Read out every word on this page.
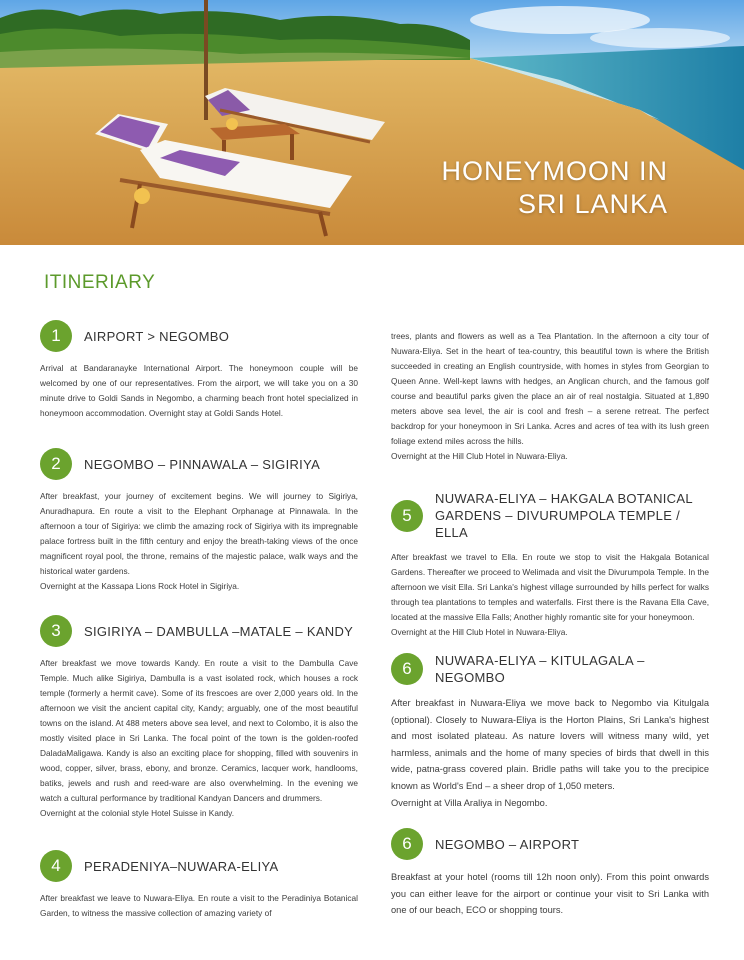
HONEYMOON IN
SRI LANKA
ITINERIARY
1	AIRPORT > NEGOMBO

Arrival at Bandaranayke International Airport. The honeymoon couple will be welcomed by one of our representatives. From the airport, we will take you on a 30 minute drive to Goldi Sands in Negombo, a charming beach front hotel specialized in honeymoon accommodation. Overnight stay at Goldi Sands Hotel.

2	NEGOMBO – PINNAWALA – SIGIRIYA

After breakfast, your journey of excitement begins. We will journey to Sigiriya, Anuradhapura. En route a visit to the Elephant Orphanage at Pinnawala. In the afternoon a tour of Sigiriya: we climb the amazing rock of Sigiriya with its impregnable palace fortress built in the fifth century and enjoy the breath-taking views of the once magnificent royal pool, the throne, remains of the majestic palace, walk ways and the historical water gardens.

Overnight at the Kassapa Lions Rock Hotel in Sigiriya.
3	SIGIRIYA – DAMBULLA –MATALE – KANDY

After breakfast we move towards Kandy. En route a visit to the Dambulla Cave Temple. Much alike Sigiriya, Dambulla is a vast isolated rock, which houses a rock temple (formerly a hermit cave). Some of its frescoes are over 2,000 years old. In the afternoon we visit the ancient capital city, Kandy; arguably, one of the most beautiful towns on the island. At 488 meters above sea level, and next to Colombo, it is also the mostly visited place in Sri Lanka. The focal point of the town is the golden-roofed DaladaMaligawa. Kandy is also an exciting place for shopping, filled with souvenirs in wood, copper, silver, brass, ebony, and bronze. Ceramics, lacquer work, handlooms, batiks, jewels and rush and reed-ware are also overwhelming. In the evening we watch a cultural performance by traditional Kandyan Dancers and drummers.

Overnight at the colonial style Hotel Suisse in Kandy.
4	PERADENIYA–NUWARA-ELIYA

After breakfast we leave to Nuwara-Eliya. En route a visit to the Peradiniya Botanical Garden, to witness the massive collection of amazing variety of

trees, plants and flowers as well as a Tea Plantation. In the afternoon a city tour of Nuwara-Eliya. Set in the heart of tea-country, this beautiful town is where the British succeeded in creating an English countryside, with homes in styles from Georgian to Queen Anne. Well-kept lawns with hedges, an Anglican church, and the famous golf course and beautiful parks given the place an air of real nostalgia. Situated at 1,890 meters above sea level, the air is cool and fresh – a serene retreat. The perfect backdrop for your honeymoon in Sri Lanka. Acres and acres of tea with its lush green foliage extend miles across the hills.

Overnight at the Hill Club Hotel in Nuwara-Eliya.
5
NUWARA-ELIYA – HAKGALA BOTANICAL
GARDENS – DIVURUMPOLA TEMPLE / ELLA

After breakfast we travel to Ella. En route we stop to visit the Hakgala Botanical Gardens. Thereafter we proceed to Welimada and visit the Divurumpola Temple. In the afternoon we visit Ella. Sri Lanka's highest village surrounded by hills perfect for walks through tea plantations to temples and waterfalls. First there is the Ravana Ella Cave, located at the massive Ella Falls; Another highly romantic site for your honeymoon.

Overnight at the Hill Club Hotel in Nuwara-Eliya.
6	NUWARA-ELIYA – KITULAGALA – NEGOMBO

After breakfast in Nuwara-Eliya we move back to Negombo via Kitulgala (optional). Closely to Nuwara-Eliya is the Horton Plains, Sri Lanka's highest and most isolated plateau. As nature lovers will witness many wild, yet harmless, animals and the home of many species of birds that dwell in this wide, patna-grass covered plain. Bridle paths will take you to the precipice known as World's End – a sheer drop of 1,050 meters.

Overnight at Villa Araliya in Negombo.
6	NEGOMBO – AIRPORT

Breakfast at your hotel (rooms till 12h noon only). From this point onwards you can either leave for the airport or continue your visit to Sri Lanka with one of our beach, ECO or shopping tours.
